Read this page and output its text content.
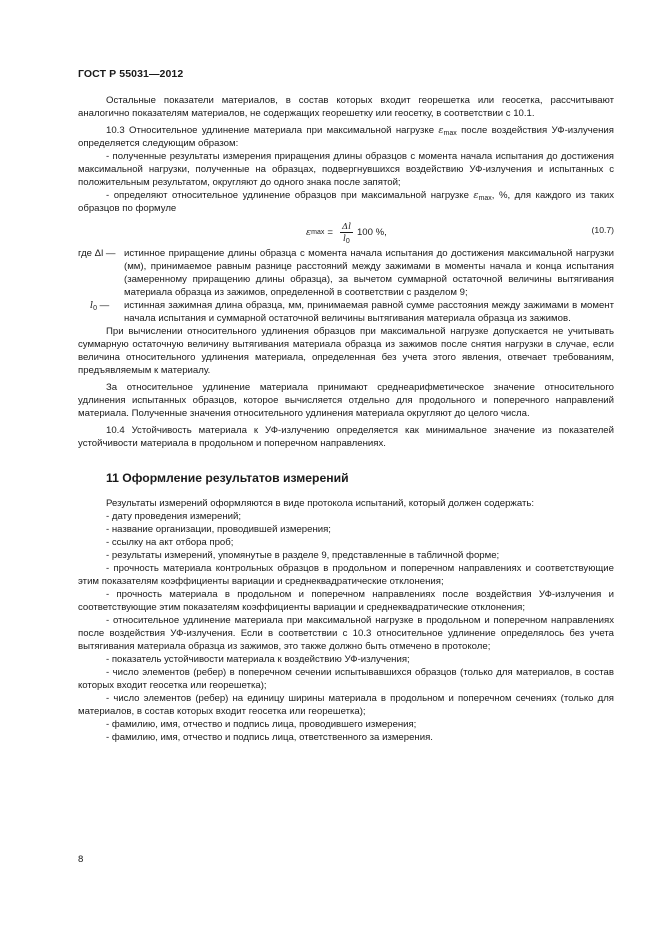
ГОСТ Р 55031—2012

Остальные показатели материалов, в состав которых входит георешетка или геосетка, рассчитывают аналогично показателям материалов, не содержащих георешетку или геосетку, в соответствии с 10.1.

10.3 Относительное удлинение материала при максимальной нагрузке $\varepsilon_{max}$ после воздействия УФ-излучения определяется следующим образом:

- полученные результаты измерения приращения длины образцов с момента начала испытания до достижения максимальной нагрузки, полученные на образцах, подвергнувшихся воздействию УФ-излучения и испытанных с положительным результатом, округляют до одного знака после запятой;

- определяют относительное удлинение образцов при максимальной нагрузке $\varepsilon_{max}$, %, для каждого из таких образцов по формуле

ε $\max = \frac{\Delta l}{l_0} 100$ %,	(10.7)
где Δl — истинное приращение длины образца с момента начала испытания до достижения максимальной нагрузки (мм), принимаемое равным разнице расстояний между зажимами в моменты начала и конца испытания (замеренному приращению длины образца), за вычетом суммарной остаточной величины вытягивания материала образца из зажимов, определенной в соответствии с разделом 9;
$l_0$ —	истинная зажимная длина образца, мм, принимаемая равной сумме расстояния между зажимами в момент начала испытания и суммарной остаточной величины вытягивания материала образца из зажимов.

При вычислении относительного удлинения образцов при максимальной нагрузке допускается не учитывать суммарную остаточную величину вытягивания материала образца из зажимов после снятия нагрузки в случае, если величина относительного удлинения материала, определенная без учета этого явления, отвечает требованиям, предъявляемым к материалу.

За относительное удлинение материала принимают среднеарифметическое значение относительного удлинения испытанных образцов, которое вычисляется отдельно для продольного и поперечного направлений материала. Полученные значения относительного удлинения материала округляют до целого числа.

10.4 Устойчивость материала к УФ-излучению определяется как минимальное значение из показателей устойчивости материала в продольном и поперечном направлениях.

11 Оформление результатов измерений

Результаты измерений оформляются в виде протокола испытаний, который должен содержать:

- дату проведения измерений;

- название организации, проводившей измерения;

- ссылку на акт отбора проб;

- результаты измерений, упомянутые в разделе 9, представленные в табличной форме;

- прочность материала контрольных образцов в продольном и поперечном направлениях и соответствующие этим показателям коэффициенты вариации и среднеквадратические отклонения;

- прочность материала в продольном и поперечном направлениях после воздействия УФ-излучения и соответствующие этим показателям коэффициенты вариации и среднеквадратические отклонения;

- относительное удлинение материала при максимальной нагрузке в продольном и поперечном направлениях после воздействия УФ-излучения. Если в соответствии с 10.3 относительное удлинение определялось без учета вытягивания материала образца из зажимов, это также должно быть отмечено в протоколе;

- показатель устойчивости материала к воздействию УФ-излучения;

- число элементов (ребер) в поперечном сечении испытывавшихся образцов (только для материалов, в состав которых входит геосетка или георешетка);

- число элементов (ребер) на единицу ширины материала в продольном и поперечном сечениях (только для материалов, в состав которых входит геосетка или георешетка);

- фамилию, имя, отчество и подпись лица, проводившего измерения;

- фамилию, имя, отчество и подпись лица, ответственного за измерения.

8
